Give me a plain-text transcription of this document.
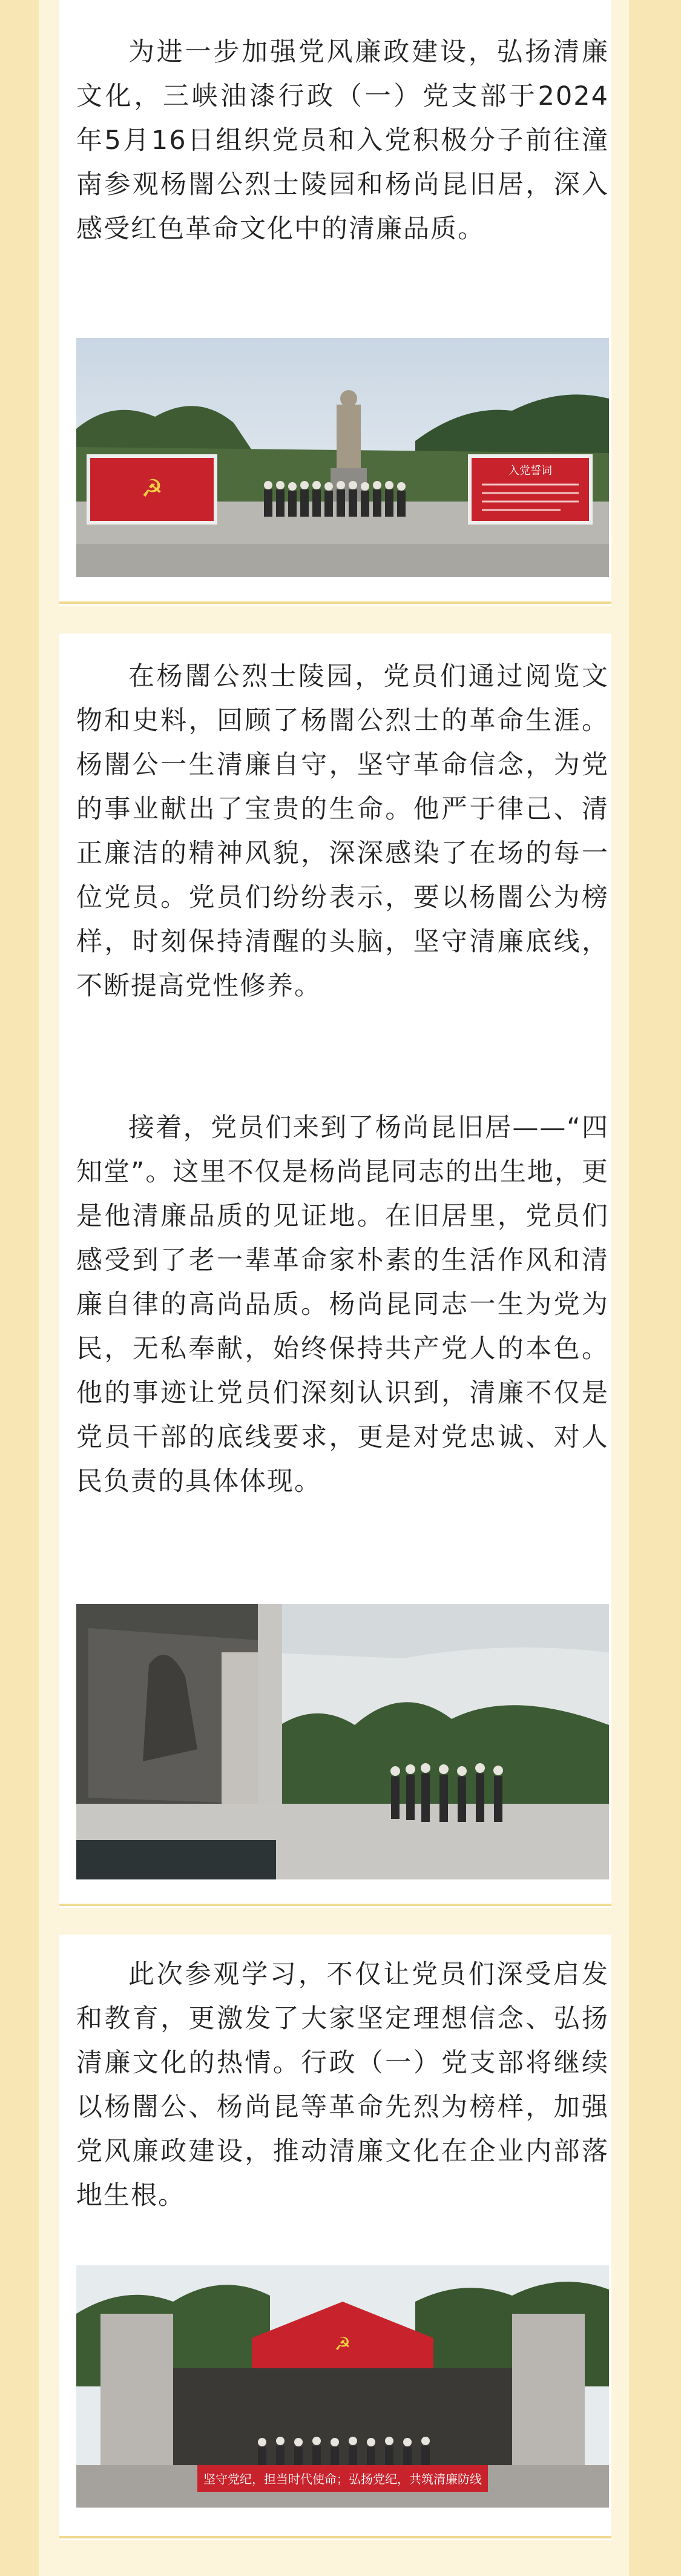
为进一步加强党风廉政建设，弘扬清廉文化，三峡油漆行政（一）党支部于2024年5月16日组织党员和入党积极分子前往潼南参观杨闇公烈士陵园和杨尚昆旧居，深入感受红色革命文化中的清廉品质。

☭
入党誓词

在杨闇公烈士陵园，党员们通过阅览文物和史料，回顾了杨闇公烈士的革命生涯。杨闇公一生清廉自守，坚守革命信念，为党的事业献出了宝贵的生命。他严于律己、清正廉洁的精神风貌，深深感染了在场的每一位党员。党员们纷纷表示，要以杨闇公为榜样，时刻保持清醒的头脑，坚守清廉底线，不断提高党性修养。

接着，党员们来到了杨尚昆旧居——“四知堂”。这里不仅是杨尚昆同志的出生地，更是他清廉品质的见证地。在旧居里，党员们感受到了老一辈革命家朴素的生活作风和清廉自律的高尚品质。杨尚昆同志一生为党为民，无私奉献，始终保持共产党人的本色。他的事迹让党员们深刻认识到，清廉不仅是党员干部的底线要求，更是对党忠诚、对人民负责的具体体现。

此次参观学习，不仅让党员们深受启发和教育，更激发了大家坚定理想信念、弘扬清廉文化的热情。行政（一）党支部将继续以杨闇公、杨尚昆等革命先烈为榜样，加强党风廉政建设，推动清廉文化在企业内部落地生根。

☭
坚守党纪，担当时代使命；弘扬党纪，共筑清廉防线
